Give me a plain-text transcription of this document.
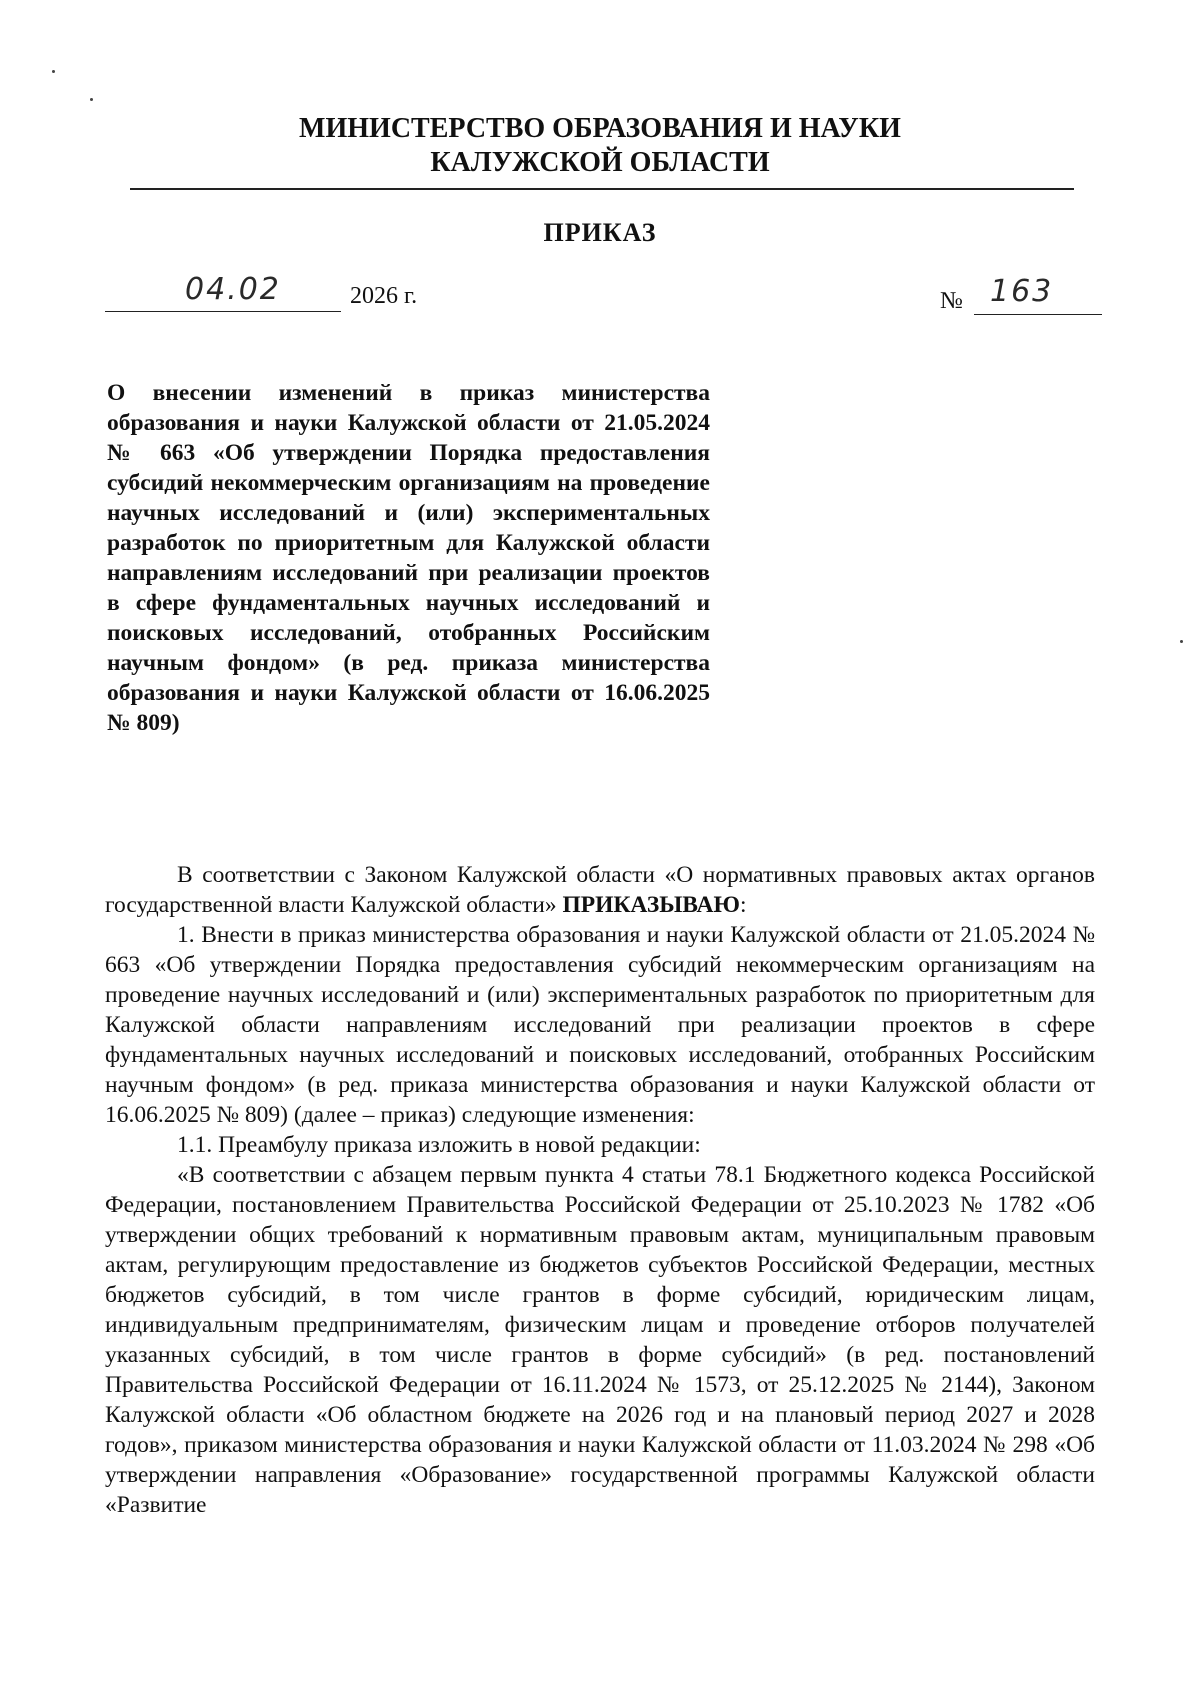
МИНИСТЕРСТВО ОБРАЗОВАНИЯ И НАУКИ
КАЛУЖСКОЙ ОБЛАСТИ
ПРИКАЗ
04.02	2026 г.	№ 163
О внесении изменений в приказ министерства образования и науки Калужской области от 21.05.2024 № 663 «Об утверждении Порядка предоставления субсидий некоммерческим организациям на проведение научных исследований и (или) экспериментальных разработок по приоритетным для Калужской области направлениям исследований при реализации проектов в сфере фундаментальных научных исследований и поисковых исследований, отобранных Российским научным фондом» (в ред. приказа министерства образования и науки Калужской области от 16.06.2025 № 809)

В соответствии с Законом Калужской области «О нормативных правовых актах органов государственной власти Калужской области» ПРИКАЗЫВАЮ:

1. Внести в приказ министерства образования и науки Калужской области от 21.05.2024 № 663 «Об утверждении Порядка предоставления субсидий некоммерческим организациям на проведение научных исследований и (или) экспериментальных разработок по приоритетным для Калужской области направлениям исследований при реализации проектов в сфере фундаментальных научных исследований и поисковых исследований, отобранных Российским научным фондом» (в ред. приказа министерства образования и науки Калужской области от 16.06.2025 № 809) (далее – приказ) следующие изменения:

1.1. Преамбулу приказа изложить в новой редакции:

«В соответствии с абзацем первым пункта 4 статьи 78.1 Бюджетного кодекса Российской Федерации, постановлением Правительства Российской Федерации от 25.10.2023 № 1782 «Об утверждении общих требований к нормативным правовым актам, муниципальным правовым актам, регулирующим предоставление из бюджетов субъектов Российской Федерации, местных бюджетов субсидий, в том числе грантов в форме субсидий, юридическим лицам, индивидуальным предпринимателям, физическим лицам и проведение отборов получателей указанных субсидий, в том числе грантов в форме субсидий» (в ред. постановлений Правительства Российской Федерации от 16.11.2024 № 1573, от 25.12.2025 № 2144), Законом Калужской области «Об областном бюджете на 2026 год и на плановый период 2027 и 2028 годов», приказом министерства образования и науки Калужской области от 11.03.2024 № 298 «Об утверждении направления «Образование» государственной программы Калужской области «Развитие
